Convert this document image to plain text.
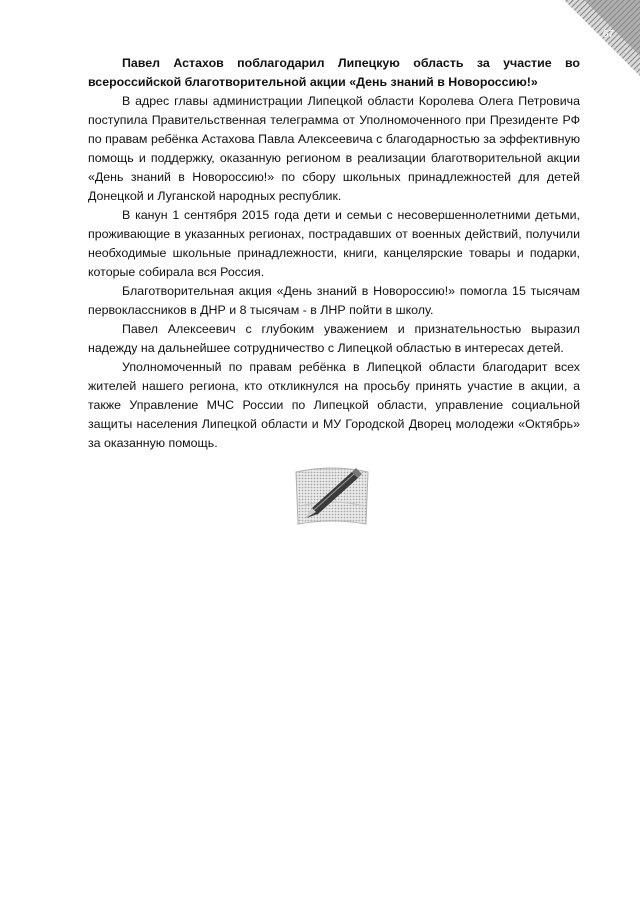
67

Павел Астахов поблагодарил Липецкую область за участие во всероссийской благотворительной акции «День знаний в Новороссию!»

В адрес главы администрации Липецкой области Королева Олега Петровича поступила Правительственная телеграмма от Уполномоченного при Президенте РФ по правам ребёнка Астахова Павла Алексеевича с благодарностью за эффективную помощь и поддержку, оказанную регионом в реализации благотворительной акции «День знаний в Новороссию!» по сбору школьных принадлежностей для детей Донецкой и Луганской народных республик.

В канун 1 сентября 2015 года дети и семьи с несовершеннолетними детьми, проживающие в указанных регионах, пострадавших от военных действий, получили необходимые школьные принадлежности, книги, канцелярские товары и подарки, которые собирала вся Россия.

Благотворительная акция «День знаний в Новороссию!» помогла 15 тысячам первоклассников в ДНР и 8 тысячам - в ЛНР пойти в школу.

Павел Алексеевич с глубоким уважением и признательностью выразил надежду на дальнейшее сотрудничество с Липецкой областью в интересах детей.

Уполномоченный по правам ребёнка в Липецкой области благодарит всех жителей нашего региона, кто откликнулся на просьбу принять участие в акции, а также Управление МЧС России по Липецкой области, управление социальной защиты населения Липецкой области и МУ Городской Дворец молодежи «Октябрь» за оказанную помощь.
